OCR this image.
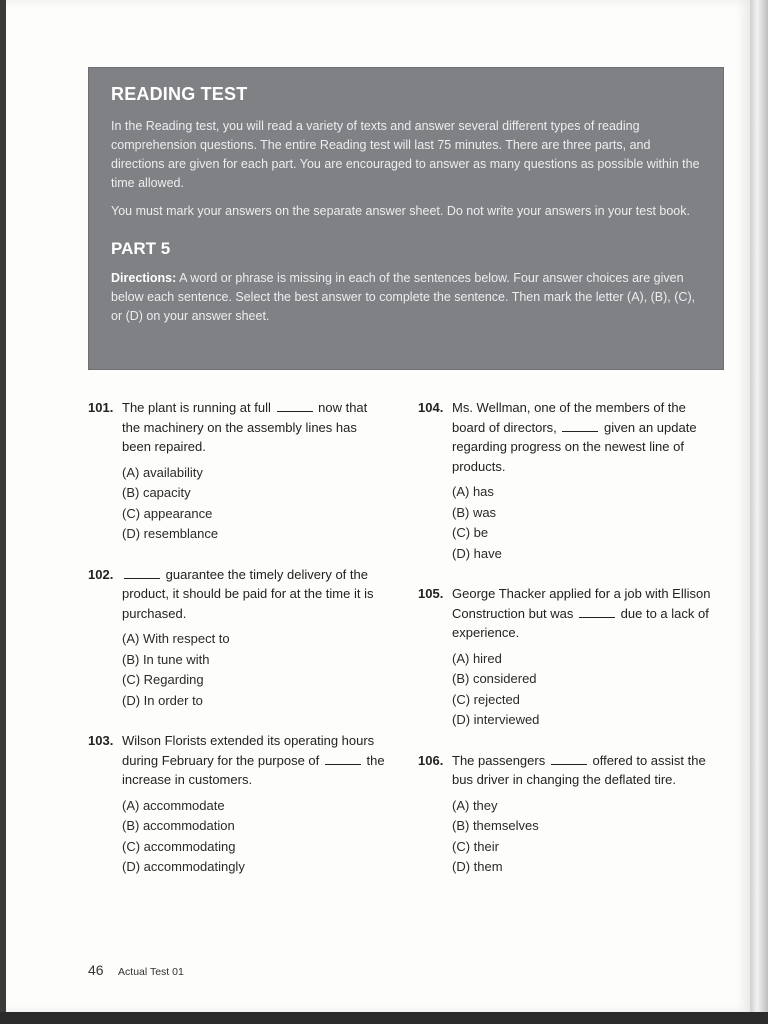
READING TEST

In the Reading test, you will read a variety of texts and answer several different types of reading comprehension questions. The entire Reading test will last 75 minutes. There are three parts, and directions are given for each part. You are encouraged to answer as many questions as possible within the time allowed.

You must mark your answers on the separate answer sheet. Do not write your answers in your test book.

PART 5

Directions: A word or phrase is missing in each of the sentences below. Four answer choices are given below each sentence. Select the best answer to complete the sentence. Then mark the letter (A), (B), (C), or (D) on your answer sheet.

101. The plant is running at full	now that the machinery on the assembly lines has been repaired.

(A) availability
(B) capacity
(C) appearance
(D) resemblance
102.	guarantee the timely delivery of the product, it should be paid for at the time it is purchased.

(A) With respect to
(B) In tune with
(C) Regarding
(D) In order to
103. Wilson Florists extended its operating hours during February for the purpose of	the increase in customers.

(A) accommodate
(B) accommodation
(C) accommodating
(D) accommodatingly
104. Ms. Wellman, one of the members of the board of directors,	given an update regarding progress on the newest line of products.

(A) has
(B) was
(C) be
(D) have
105. George Thacker applied for a job with Ellison Construction but was	due to a lack of experience.

(A) hired
(B) considered
(C) rejected
(D) interviewed
106. The passengers	offered to assist the bus driver in changing the deflated tire.

(A) they
(B) themselves
(C) their
(D) them
46 Actual Test 01
